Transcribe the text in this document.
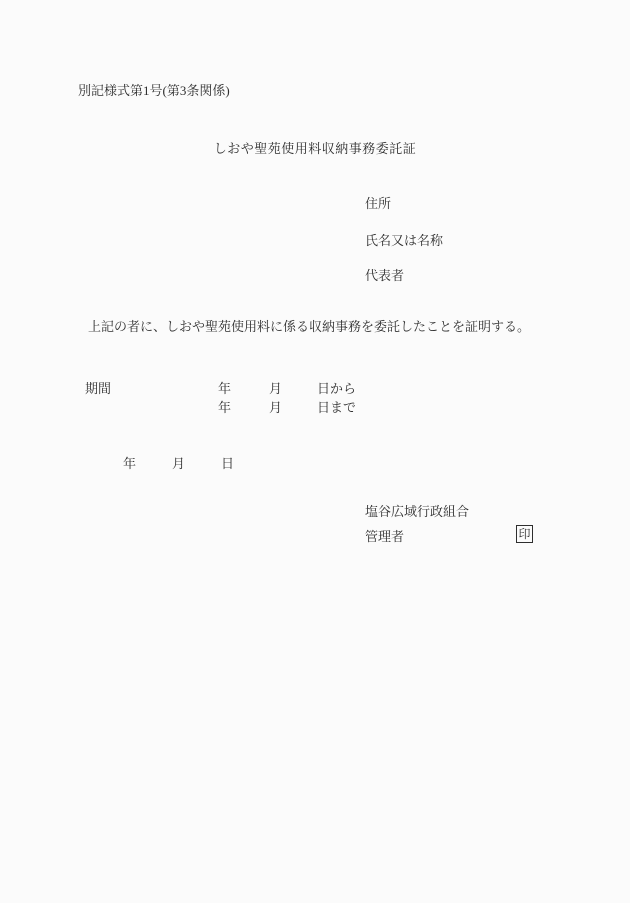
別記様式第1号(第3条関係)
しおや聖苑使用料収納事務委託証
住所
氏名又は名称
代表者
上記の者に、しおや聖苑使用料に係る収納事務を委託したことを証明する。
期間	年	月	日から
年	月	日まで
年	月	日
塩谷広域行政組合
管理者	印
